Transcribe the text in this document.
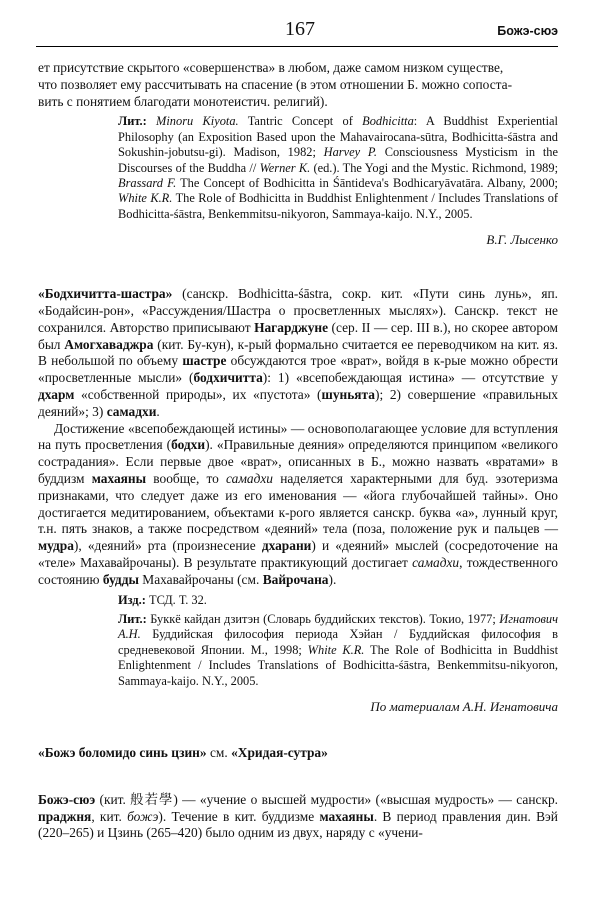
167	Божэ-сюэ

ет присутствие скрытого «совершенства» в любом, даже самом низком существе,

что позволяет ему рассчитывать на спасение (в этом отношении Б. можно сопоста-

вить с понятием благодати монотеистич. религий).

Лит.: Minoru Kiyota. Tantric Concept of Bodhicitta: A Buddhist Experiential Philosophy (an Exposition Based upon the Mahavairocana-sūtra, Bodhicitta-śāstra and Sokushin-jobutsu-gi). Madison, 1982; Harvey P. Consciousness Mysticism in the Discourses of the Buddha // Werner K. (ed.). The Yogi and the Mystic. Richmond, 1989; Brassard F. The Concept of Bodhicitta in Śāntideva's Bodhicaryāvatāra. Albany, 2000; White K.R. The Role of Bodhicitta in Buddhist Enlightenment / Includes Translations of Bodhicitta-śāstra, Benkemmitsu-nikyoron, Sammaya-kaijo. N.Y., 2005.

В.Г. Лысенко

«Бодхичитта-шастра» (санскр. Bodhicitta-śāstra, сокр. кит. «Пути синь лунь», яп. «Бодайсин-рон», «Рассуждения/Шастра о просветленных мыслях»). Санскр. текст не сохранился. Авторство приписывают Нагарджуне (сер. II — сер. III в.), но скорее автором был Амогхаваджра (кит. Бу-кун), к-рый формально считается ее переводчиком на кит. яз. В небольшой по объему шастре обсуждаются трое «врат», войдя в к-рые можно обрести «просветленные мысли» (бодхичитта): 1) «всепобеждающая истина» — отсутствие у дхарм «собственной природы», их «пустота» (шуньята); 2) совершение «правильных деяний»; 3) самадхи.

Достижение «всепобеждающей истины» — основополагающее условие для вступления на путь просветления (бодхи). «Правильные деяния» определяются принципом «великого сострадания». Если первые двое «врат», описанных в Б., можно назвать «вратами» в буддизм махаяны вообще, то самадхи наделяется характерными для буд. эзотеризма признаками, что следует даже из его именования — «йога глубочайшей тайны». Оно достигается медитированием, объектами к-рого является санскр. буква «а», лунный круг, т.н. пять знаков, а также посредством «деяний» тела (поза, положение рук и пальцев — мудра), «деяний» рта (произнесение дхарани) и «деяний» мыслей (сосредоточение на «теле» Махавайрочаны). В результате практикующий достигает самадхи, тождественного состоянию будды Махавайрочаны (см. Вайрочана).

Изд.: ТСД. Т. 32.

Лит.: Буккё кайдан дзитэн (Словарь буддийских текстов). Токио, 1977; Игнатович А.Н. Буддийская философия периода Хэйан / Буддийская философия в средневековой Японии. М., 1998; White K.R. The Role of Bodhicitta in Buddhist Enlightenment / Includes Translations of Bodhicitta-śāstra, Benkemmitsu-nikyoron, Sammaya-kaijo. N.Y., 2005.

По материалам А.Н. Игнатовича

«Божэ боломидо синь цзин» см. «Хридая-сутра»

Божэ-сюэ (кит. 般若學) — «учение о высшей мудрости» («высшая мудрость» — санскр. праджня, кит. божэ). Течение в кит. буддизме махаяны. В период правления дин. Вэй (220–265) и Цзинь (265–420) было одним из двух, наряду с «учени-
